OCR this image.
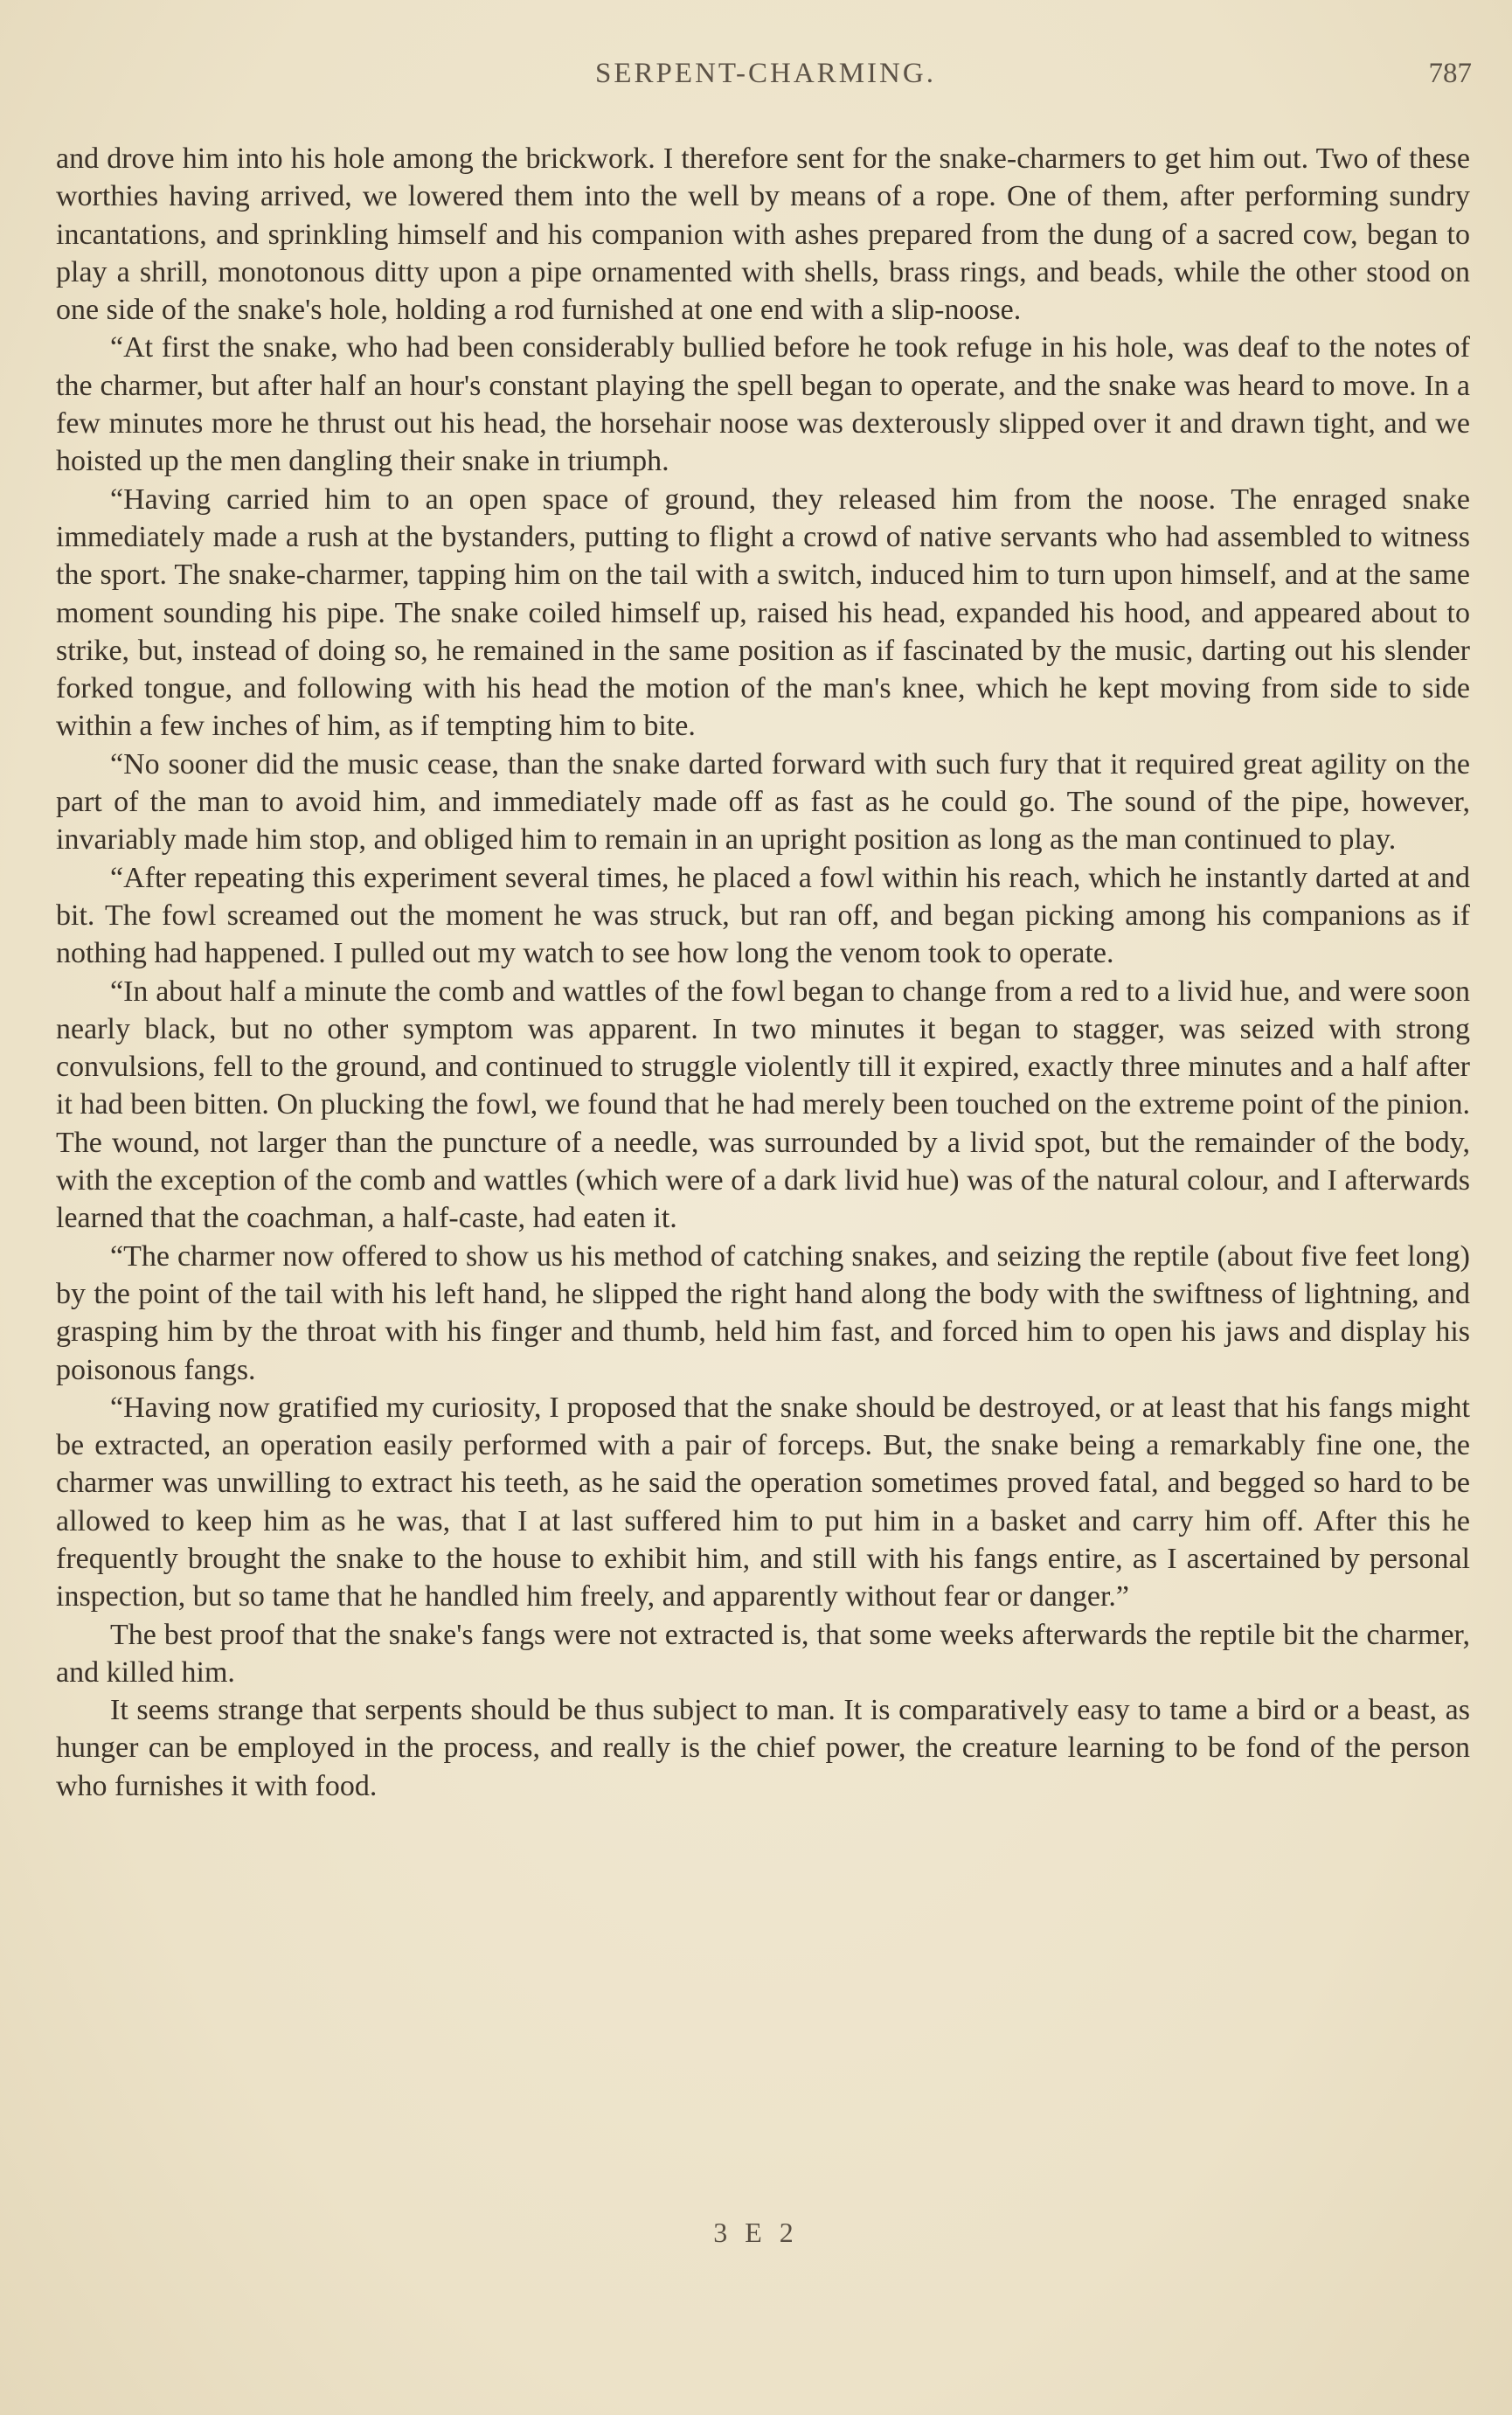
SERPENT-CHARMING.	787

and drove him into his hole among the brickwork. I therefore sent for the snake-charmers to get him out. Two of these worthies having arrived, we lowered them into the well by means of a rope. One of them, after performing sundry incantations, and sprinkling himself and his companion with ashes prepared from the dung of a sacred cow, began to play a shrill, monotonous ditty upon a pipe ornamented with shells, brass rings, and beads, while the other stood on one side of the snake's hole, holding a rod furnished at one end with a slip-noose.

“At first the snake, who had been considerably bullied before he took refuge in his hole, was deaf to the notes of the charmer, but after half an hour's constant playing the spell began to operate, and the snake was heard to move. In a few minutes more he thrust out his head, the horsehair noose was dexterously slipped over it and drawn tight, and we hoisted up the men dangling their snake in triumph.

“Having carried him to an open space of ground, they released him from the noose. The enraged snake immediately made a rush at the bystanders, putting to flight a crowd of native servants who had assembled to witness the sport. The snake-charmer, tapping him on the tail with a switch, induced him to turn upon himself, and at the same moment sounding his pipe. The snake coiled himself up, raised his head, expanded his hood, and appeared about to strike, but, instead of doing so, he remained in the same position as if fascinated by the music, darting out his slender forked tongue, and following with his head the motion of the man's knee, which he kept moving from side to side within a few inches of him, as if tempting him to bite.

“No sooner did the music cease, than the snake darted forward with such fury that it required great agility on the part of the man to avoid him, and immediately made off as fast as he could go. The sound of the pipe, however, invariably made him stop, and obliged him to remain in an upright position as long as the man continued to play.

“After repeating this experiment several times, he placed a fowl within his reach, which he instantly darted at and bit. The fowl screamed out the moment he was struck, but ran off, and began picking among his companions as if nothing had happened. I pulled out my watch to see how long the venom took to operate.

“In about half a minute the comb and wattles of the fowl began to change from a red to a livid hue, and were soon nearly black, but no other symptom was apparent. In two minutes it began to stagger, was seized with strong convulsions, fell to the ground, and continued to struggle violently till it expired, exactly three minutes and a half after it had been bitten. On plucking the fowl, we found that he had merely been touched on the extreme point of the pinion. The wound, not larger than the puncture of a needle, was surrounded by a livid spot, but the remainder of the body, with the exception of the comb and wattles (which were of a dark livid hue) was of the natural colour, and I afterwards learned that the coachman, a half-caste, had eaten it.

“The charmer now offered to show us his method of catching snakes, and seizing the reptile (about five feet long) by the point of the tail with his left hand, he slipped the right hand along the body with the swiftness of lightning, and grasping him by the throat with his finger and thumb, held him fast, and forced him to open his jaws and display his poisonous fangs.

“Having now gratified my curiosity, I proposed that the snake should be destroyed, or at least that his fangs might be extracted, an operation easily performed with a pair of forceps. But, the snake being a remarkably fine one, the charmer was unwilling to extract his teeth, as he said the operation sometimes proved fatal, and begged so hard to be allowed to keep him as he was, that I at last suffered him to put him in a basket and carry him off. After this he frequently brought the snake to the house to exhibit him, and still with his fangs entire, as I ascertained by personal inspection, but so tame that he handled him freely, and apparently without fear or danger.”

The best proof that the snake's fangs were not extracted is, that some weeks afterwards the reptile bit the charmer, and killed him.

It seems strange that serpents should be thus subject to man. It is comparatively easy to tame a bird or a beast, as hunger can be employed in the process, and really is the chief power, the creature learning to be fond of the person who furnishes it with food.

3 E 2
